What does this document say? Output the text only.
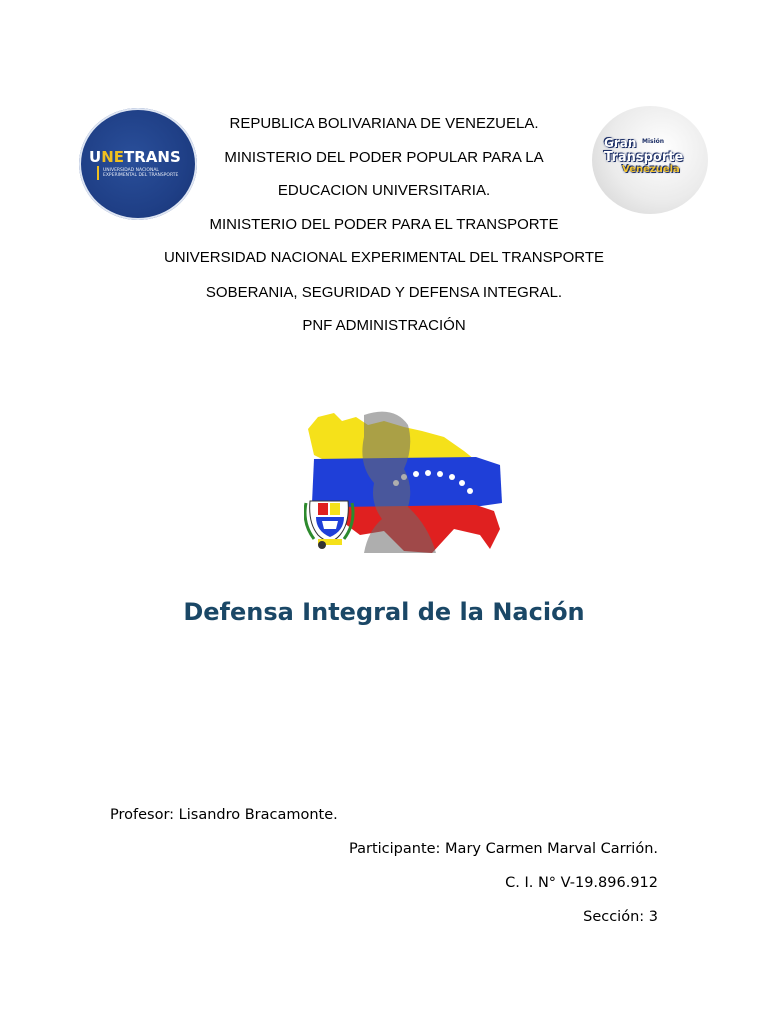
UNETRANS
UNIVERSIDAD NACIONAL EXPERIMENTAL DEL TRANSPORTE
Gran Misión
Transporte
Venezuela
REPUBLICA BOLIVARIANA DE VENEZUELA.
MINISTERIO DEL PODER POPULAR PARA LA
EDUCACION UNIVERSITARIA.
MINISTERIO DEL PODER PARA EL TRANSPORTE
UNIVERSIDAD NACIONAL EXPERIMENTAL DEL TRANSPORTE
SOBERANIA, SEGURIDAD Y DEFENSA INTEGRAL.
PNF ADMINISTRACIÓN
Defensa Integral de la Nación
Profesor: Lisandro Bracamonte.
Participante: Mary Carmen Marval Carrión.
C. I. N° V-19.896.912
Sección: 3
